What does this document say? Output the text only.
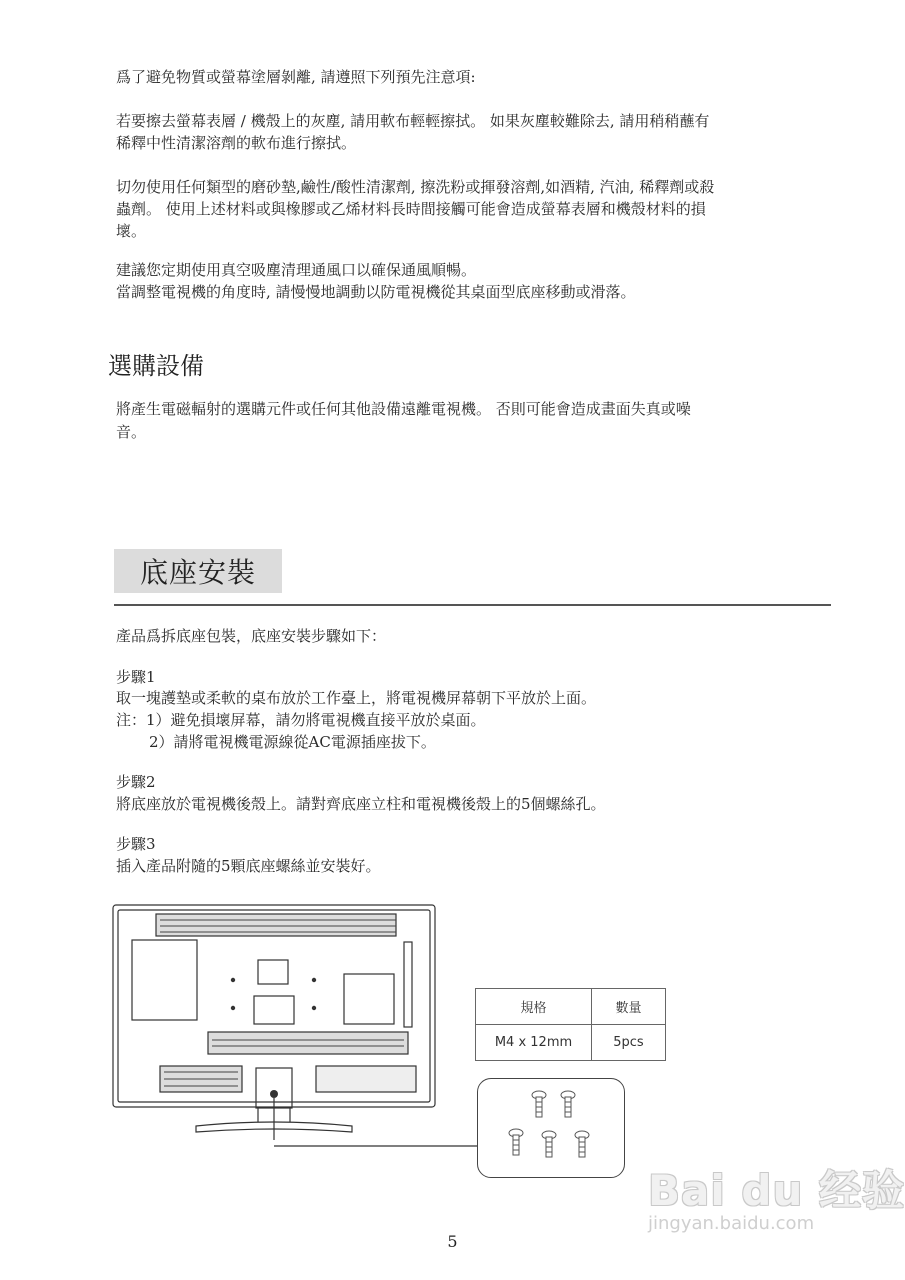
爲了避免物質或螢幕塗層剝離, 請遵照下列預先注意項:
若要擦去螢幕表層 / 機殼上的灰塵, 請用軟布輕輕擦拭。 如果灰塵較難除去, 請用稍稍蘸有
稀釋中性清潔溶劑的軟布進行擦拭。
切勿使用任何類型的磨砂墊,鹼性/酸性清潔劑, 擦洗粉或揮發溶劑,如酒精, 汽油, 稀釋劑或殺
蟲劑。 使用上述材料或與橡膠或乙烯材料長時間接觸可能會造成螢幕表層和機殼材料的損
壞。
建議您定期使用真空吸塵清理通風口以確保通風順暢。
當調整電視機的角度時, 請慢慢地調動以防電視機從其桌面型底座移動或滑落。
選購設備
將產生電磁輻射的選購元件或任何其他設備遠離電視機。 否則可能會造成畫面失真或噪
音。
底座安裝
產品爲拆底座包裝，底座安裝步驟如下：
步驟1
取一塊護墊或柔軟的桌布放於工作臺上，將電視機屏幕朝下平放於上面。
注：1）避免損壞屏幕，請勿將電視機直接平放於桌面。
2）請將電視機電源線從AC電源插座拔下。
步驟2
將底座放於電視機後殼上。請對齊底座立柱和電視機後殼上的5個螺絲孔。
步驟3
插入產品附隨的5顆底座螺絲並安裝好。
規格	數量
M4 x 12mm	5pcs
Bai du 经验
jingyan.baidu.com
5
